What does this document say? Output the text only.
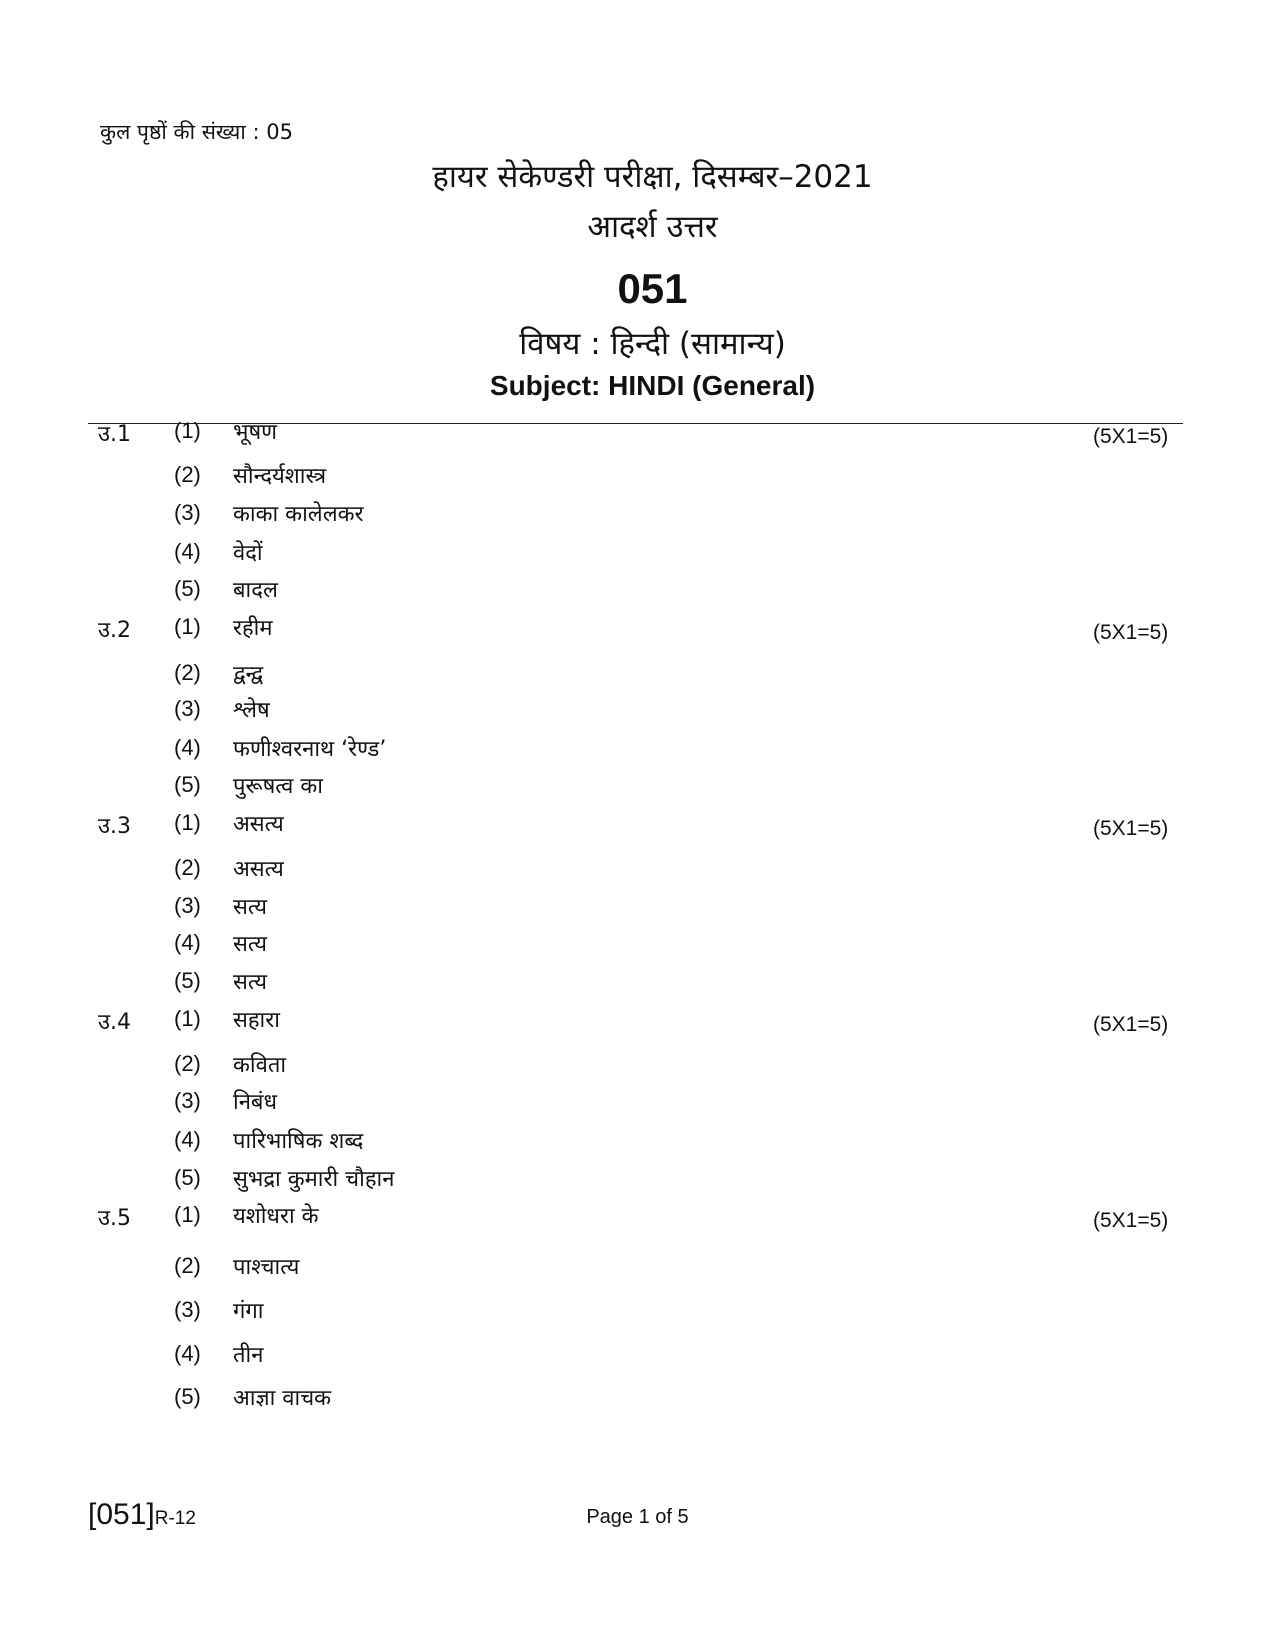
कुल पृष्ठों की संख्या : 05
हायर सेकेण्डरी परीक्षा, दिसम्बर–2021
आदर्श उत्तर
051
विषय : हिन्दी (सामान्य)
Subject: HINDI (General)
उ.1	(5X1=5)
(1) भूषण
(2) सौन्दर्यशास्त्र
(3) काका कालेलकर
(4) वेदों
(5) बादल
उ.2	(5X1=5)
(1) रहीम
(2) द्वन्द्व
(3) श्लेष
(4) फणीश्वरनाथ ‘रेण्ड’
(5) पुरूषत्व का
उ.3	(5X1=5)
(1) असत्य
(2) असत्य
(3) सत्य
(4) सत्य
(5) सत्य
उ.4	(5X1=5)
(1) सहारा
(2) कविता
(3) निबंध
(4) पारिभाषिक शब्द
(5) सुभद्रा कुमारी चौहान
उ.5	(5X1=5)
(1) यशोधरा के
(2) पाश्चात्य
(3) गंगा
(4) तीन
(5) आज्ञा वाचक
[051]R-12	Page 1 of 5
